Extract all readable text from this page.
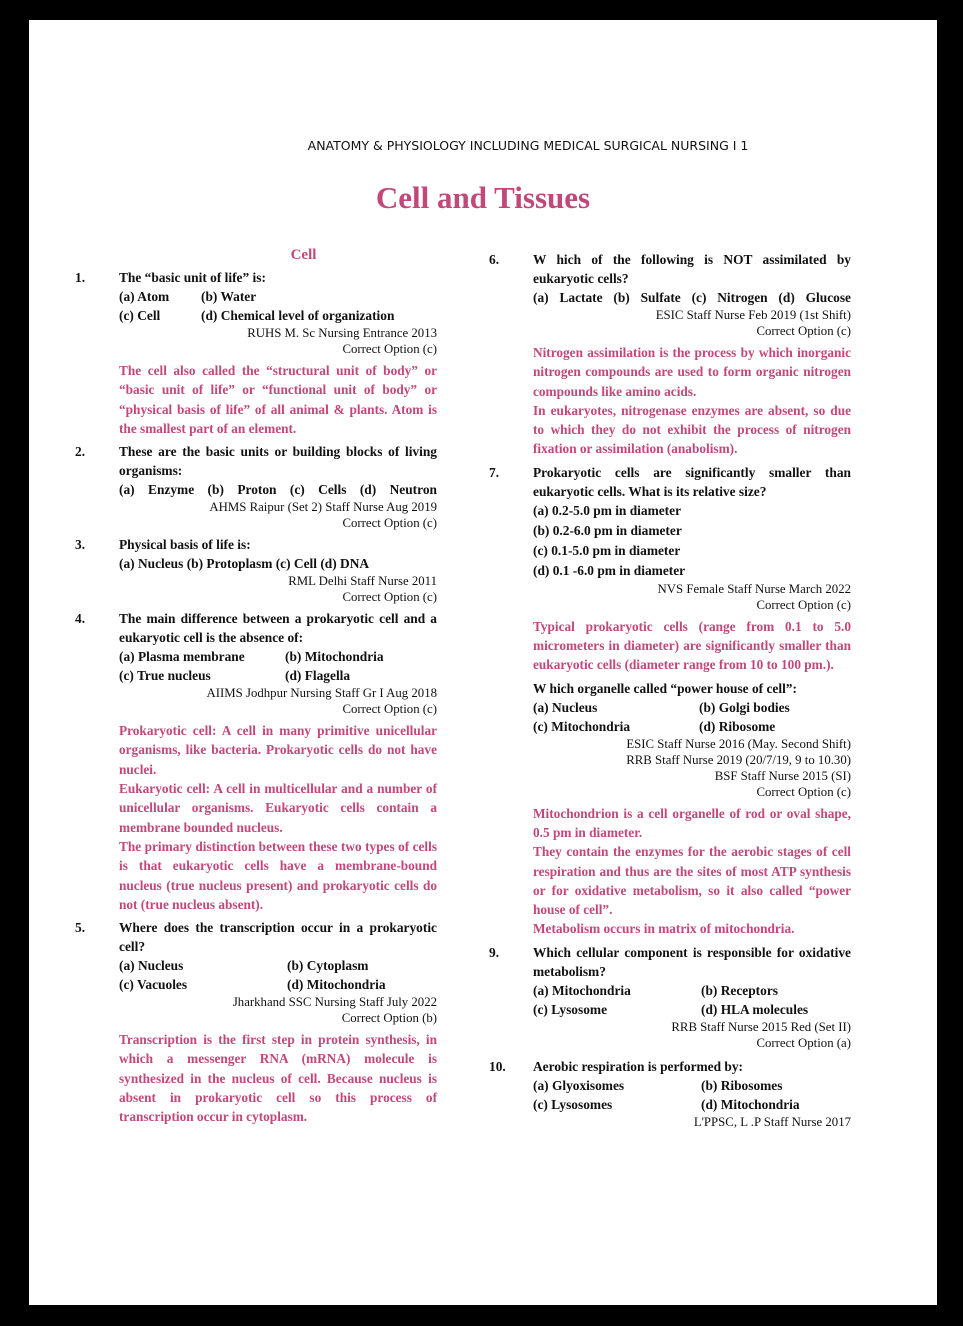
ANATOMY & PHYSIOLOGY INCLUDING MEDICAL SURGICAL NURSING I 1
Cell and Tissues
Cell
1.	The “basic unit of life” is:
(a) Atom	(b) Water
(c) Cell	(d) Chemical level of organization
RUHS M. Sc Nursing Entrance 2013
Correct Option (c)
The cell also called the “structural unit of body” or “basic unit of life” or “functional unit of body” or “physical basis of life” of all animal & plants. Atom is the smallest part of an element.
2.	These are the basic units or building blocks of living organisms:
(a) Enzyme (b) Proton (c) Cells (d) Neutron
AHMS Raipur (Set 2) Staff Nurse Aug 2019
Correct Option (c)
3.	Physical basis of life is:
(a) Nucleus (b) Protoplasm (c) Cell (d) DNA
RML Delhi Staff Nurse 2011
Correct Option (c)
4.	The main difference between a prokaryotic cell and a eukaryotic cell is the absence of:
(a) Plasma membrane	(b) Mitochondria
(c) True nucleus	(d) Flagella
AIIMS Jodhpur Nursing Staff Gr I Aug 2018
Correct Option (c)
Prokaryotic cell: A cell in many primitive unicellular organisms, like bacteria. Prokaryotic cells do not have nuclei.
Eukaryotic cell: A cell in multicellular and a number of unicellular organisms. Eukaryotic cells contain a membrane bounded nucleus.
The primary distinction between these two types of cells is that eukaryotic cells have a membrane-bound nucleus (true nucleus present) and prokaryotic cells do not (true nucleus absent).
5.	Where does the transcription occur in a prokaryotic cell?
(a) Nucleus	(b) Cytoplasm
(c) Vacuoles	(d) Mitochondria
Jharkhand SSC Nursing Staff July 2022
Correct Option (b)
Transcription is the first step in protein synthesis, in which a messenger RNA (mRNA) molecule is synthesized in the nucleus of cell. Because nucleus is absent in prokaryotic cell so this process of transcription occur in cytoplasm.
6.	W hich of the following is NOT assimilated by eukaryotic cells?
(a) Lactate (b) Sulfate (c) Nitrogen (d) Glucose
ESIC Staff Nurse Feb 2019 (1st Shift)
Correct Option (c)
Nitrogen assimilation is the process by which inorganic nitrogen compounds are used to form organic nitrogen compounds like amino acids.
In eukaryotes, nitrogenase enzymes are absent, so due to which they do not exhibit the process of nitrogen fixation or assimilation (anabolism).
7.	Prokaryotic cells are significantly smaller than eukaryotic cells. What is its relative size?
(a) 0.2-5.0 pm in diameter
(b) 0.2-6.0 pm in diameter
(c) 0.1-5.0 pm in diameter
(d) 0.1 -6.0 pm in diameter
NVS Female Staff Nurse March 2022
Correct Option (c)
Typical prokaryotic cells (range from 0.1 to 5.0 micrometers in diameter) are significantly smaller than eukaryotic cells (diameter range from 10 to 100 pm.).
W hich organelle called “power house of cell”:
(a) Nucleus	(b) Golgi bodies
(c) Mitochondria	(d) Ribosome
ESIC Staff Nurse 2016 (May. Second Shift)
RRB Staff Nurse 2019 (20/7/19, 9 to 10.30)
BSF Staff Nurse 2015 (SI)
Correct Option (c)
Mitochondrion is a cell organelle of rod or oval shape, 0.5 pm in diameter.
They contain the enzymes for the aerobic stages of cell respiration and thus are the sites of most ATP synthesis or for oxidative metabolism, so it also called “power house of cell”.
Metabolism occurs in matrix of mitochondria.
9.	Which cellular component is responsible for oxidative metabolism?
(a) Mitochondria	(b) Receptors
(c) Lysosome	(d) HLA molecules
RRB Staff Nurse 2015 Red (Set II)
Correct Option (a)
10. Aerobic respiration is performed by:
(a) Glyoxisomes	(b) Ribosomes
(c) Lysosomes	(d) Mitochondria
L'PPSC, L .P Staff Nurse 2017
